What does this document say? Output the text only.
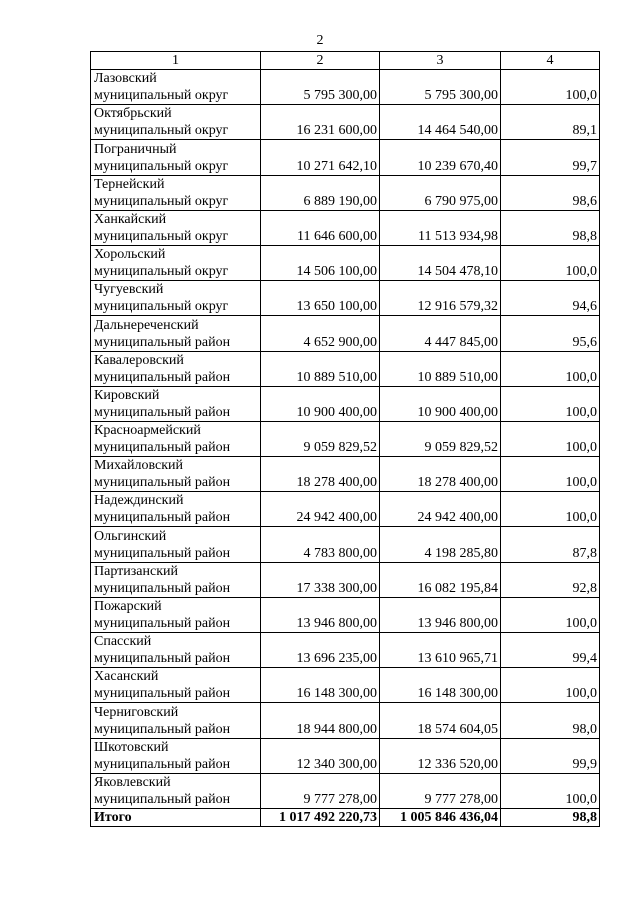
2
1	2	3	4

Лазовский
муниципальный округ	5 795 300,00	5 795 300,00	100,0

Октябрьский
муниципальный округ	16 231 600,00	14 464 540,00	89,1

Пограничный
муниципальный округ	10 271 642,10	10 239 670,40	99,7

Тернейский
муниципальный округ	6 889 190,00	6 790 975,00	98,6

Ханкайский
муниципальный округ	11 646 600,00	11 513 934,98	98,8

Хорольский
муниципальный округ	14 506 100,00	14 504 478,10	100,0

Чугуевский
муниципальный округ	13 650 100,00	12 916 579,32	94,6

Дальнереченский
муниципальный район	4 652 900,00	4 447 845,00	95,6

Кавалеровский
муниципальный район	10 889 510,00	10 889 510,00	100,0

Кировский
муниципальный район	10 900 400,00	10 900 400,00	100,0

Красноармейский
муниципальный район	9 059 829,52	9 059 829,52	100,0

Михайловский
муниципальный район	18 278 400,00	18 278 400,00	100,0

Надеждинский
муниципальный район	24 942 400,00	24 942 400,00	100,0

Ольгинский
муниципальный район	4 783 800,00	4 198 285,80	87,8

Партизанский
муниципальный район	17 338 300,00	16 082 195,84	92,8

Пожарский
муниципальный район	13 946 800,00	13 946 800,00	100,0

Спасский
муниципальный район	13 696 235,00	13 610 965,71	99,4

Хасанский
муниципальный район	16 148 300,00	16 148 300,00	100,0

Черниговский
муниципальный район	18 944 800,00	18 574 604,05	98,0

Шкотовский
муниципальный район	12 340 300,00	12 336 520,00	99,9

Яковлевский
муниципальный район	9 777 278,00	9 777 278,00	100,0
Итого	1 017 492 220,73	1 005 846 436,04	98,8
